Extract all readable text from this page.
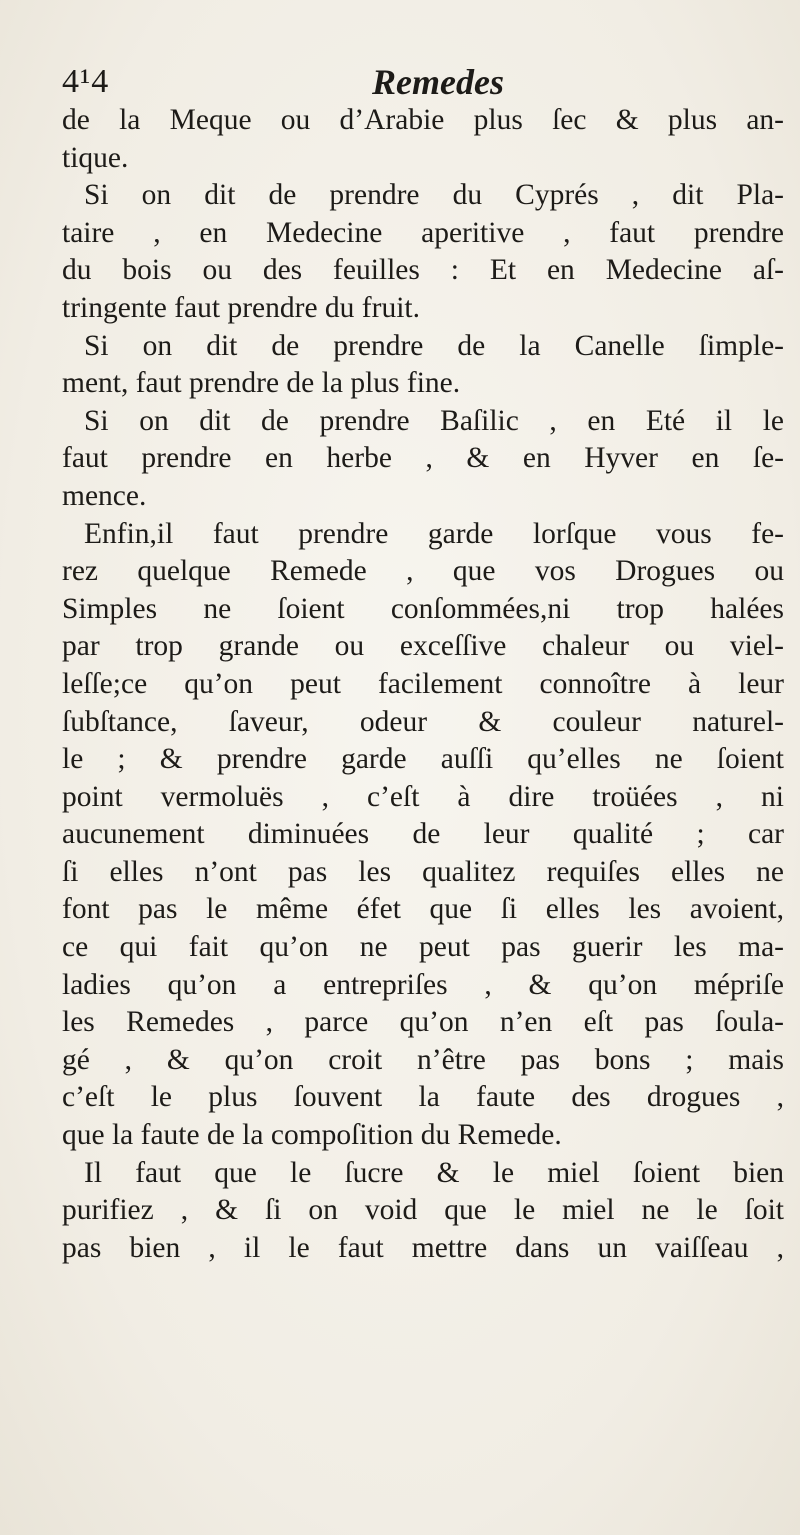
4¹4	Remedes
de la Meque ou d’Arabie plus ſec & plus an-
tique.
Si on dit de prendre du Cyprés , dit Pla-
taire , en Medecine aperitive , faut prendre
du bois ou des feuilles : Et en Medecine aſ-
tringente faut prendre du fruit.
Si on dit de prendre de la Canelle ſimple-
ment, faut prendre de la plus fine.
Si on dit de prendre Baſilic , en Eté il le
faut prendre en herbe , & en Hyver en ſe-
mence.
Enfin,il faut prendre garde lorſque vous fe-
rez quelque Remede , que vos Drogues ou
Simples ne ſoient conſommées,ni trop halées
par trop grande ou exceſſive chaleur ou viel-
leſſe;ce qu’on peut facilement connoître à leur
ſubſtance, ſaveur, odeur & couleur naturel-
le ; & prendre garde auſſi qu’elles ne ſoient
point vermoluës , c’eſt à dire troüées , ni
aucunement diminuées de leur qualité ; car
ſi elles n’ont pas les qualitez requiſes elles ne
font pas le même éfet que ſi elles les avoient,
ce qui fait qu’on ne peut pas guerir les ma-
ladies qu’on a entrepriſes , & qu’on mépriſe
les Remedes , parce qu’on n’en eſt pas ſoula-
gé , & qu’on croit n’être pas bons ; mais
c’eſt le plus ſouvent la faute des drogues ,
que la faute de la compoſition du Remede.
Il faut que le ſucre & le miel ſoient bien
purifiez , & ſi on void que le miel ne le ſoit
pas bien , il le faut mettre dans un vaiſſeau ,
